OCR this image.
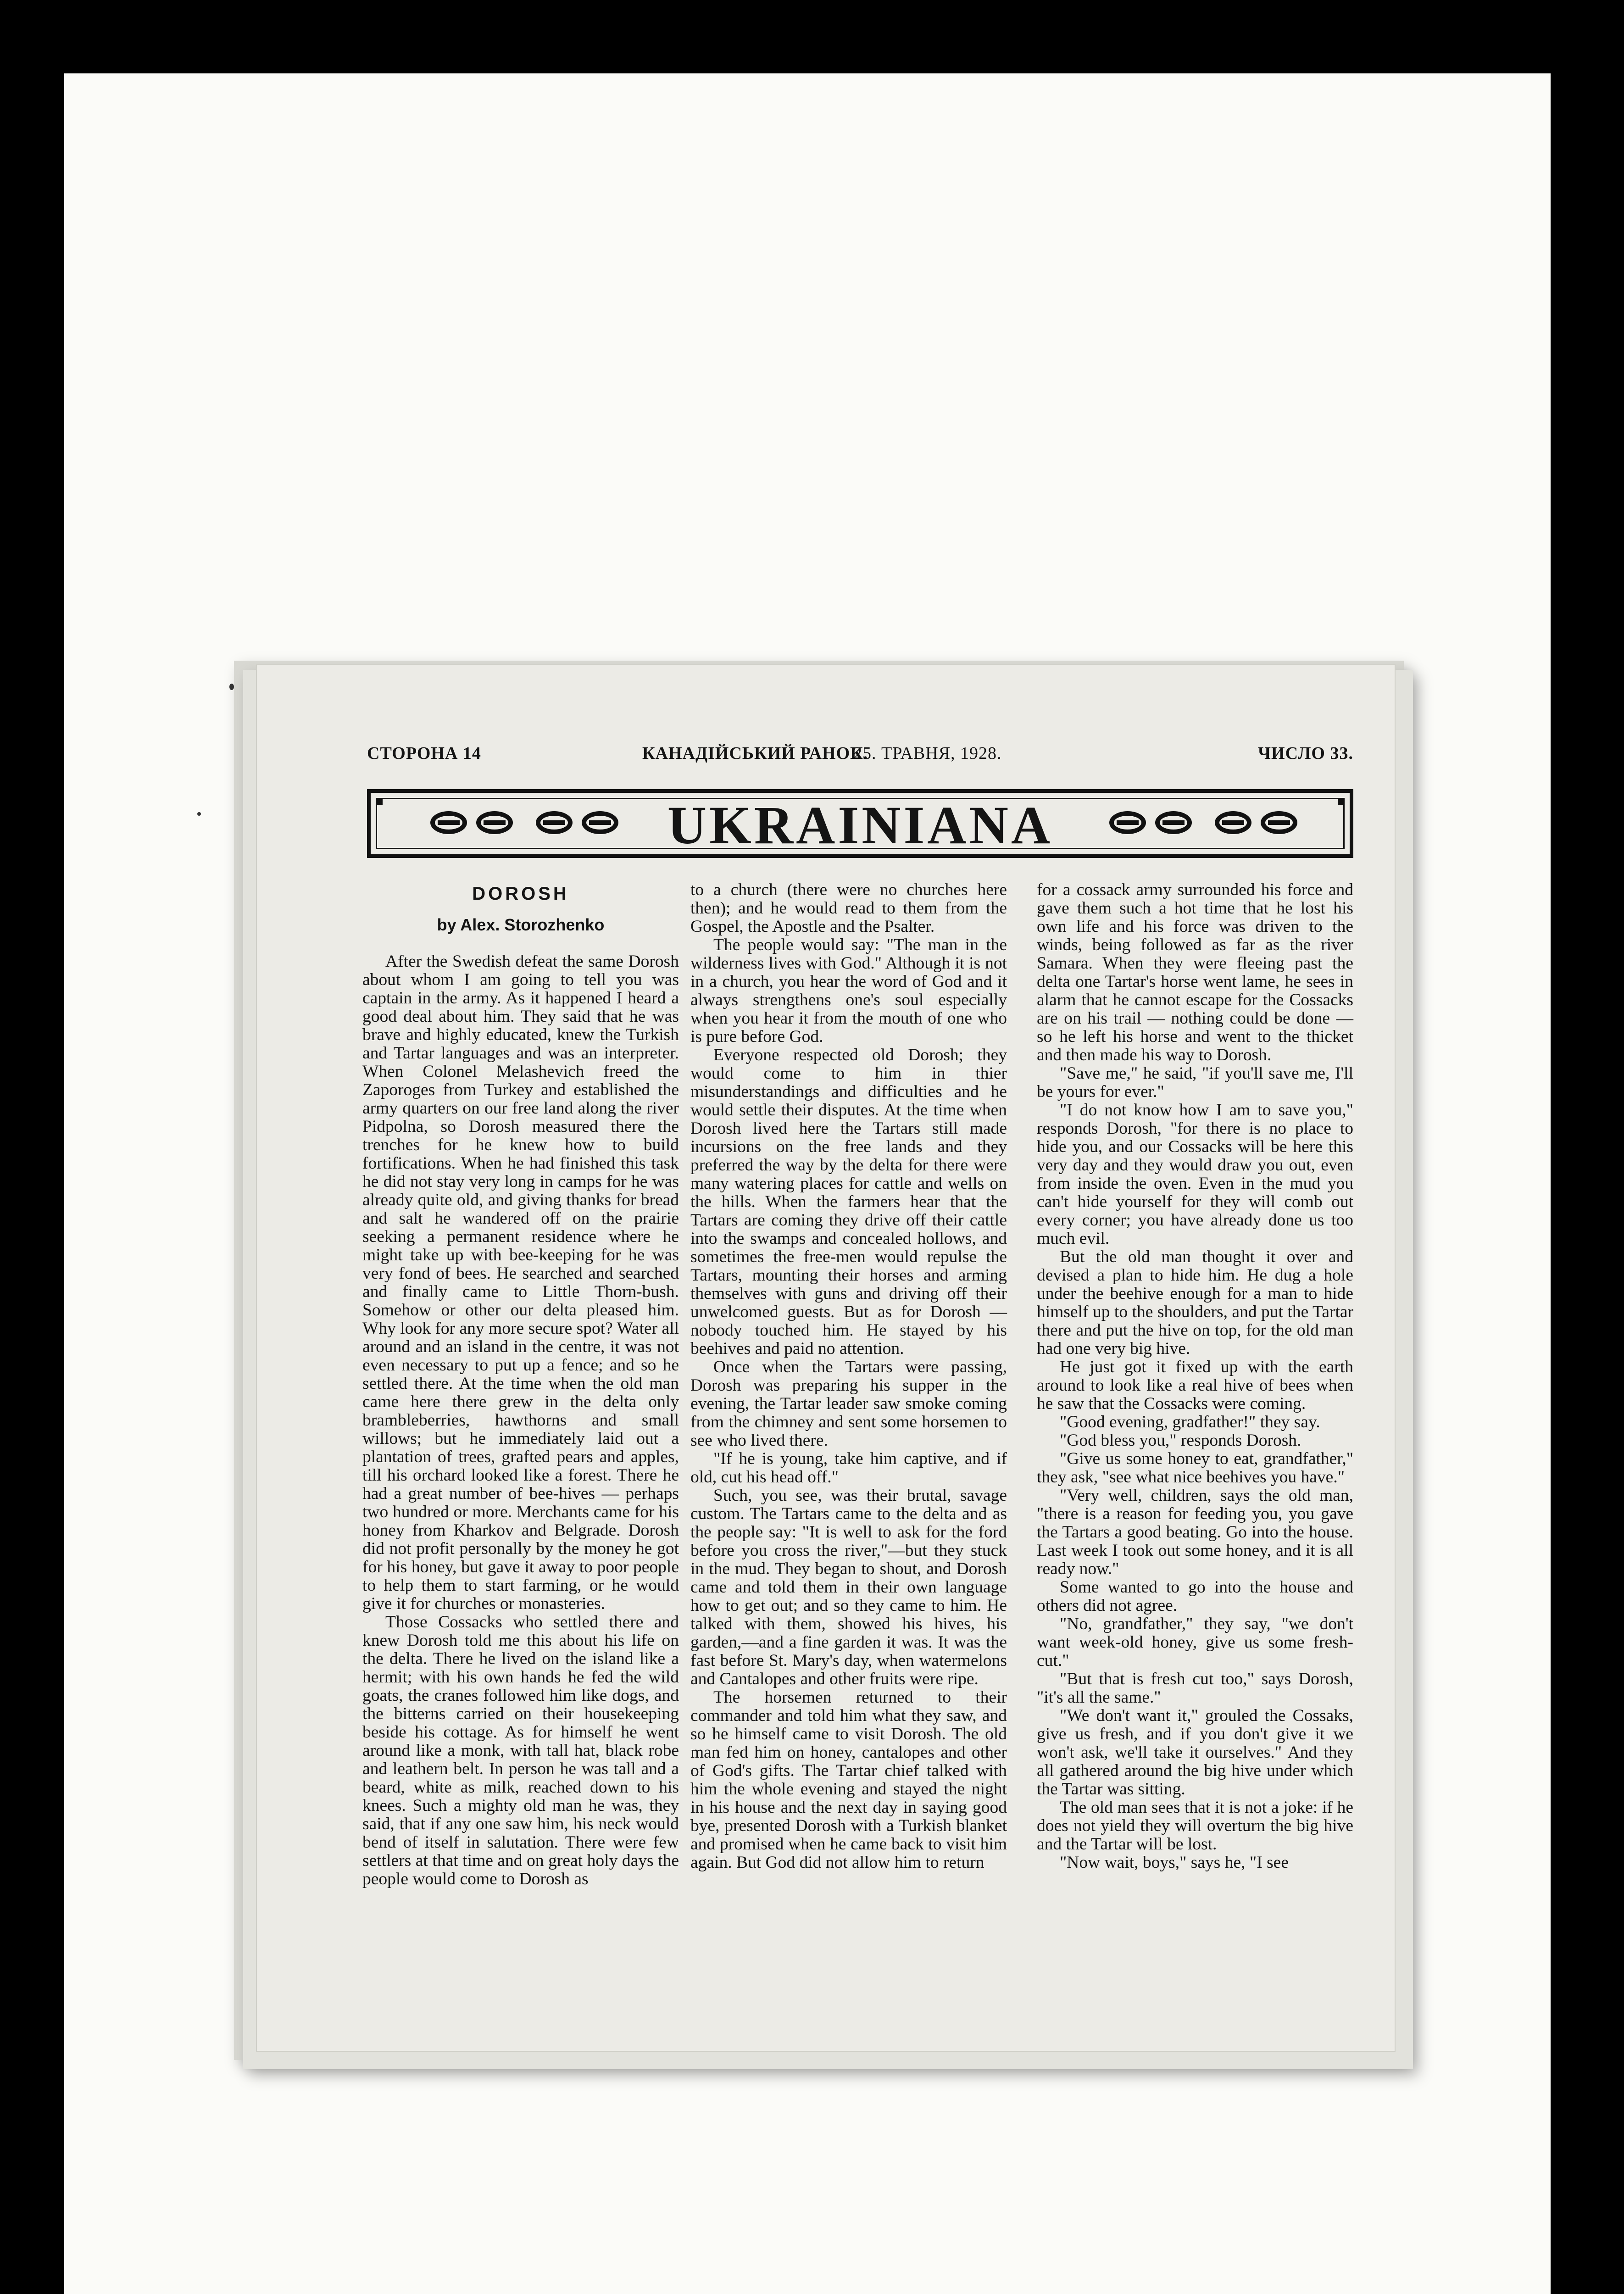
СТОРОНА 14	КАНАДІЙСЬКИЙ РАНОК.
25. ТРАВНЯ, 1928.	ЧИСЛО 33.
UKRAINIANA
DOROSH
by Alex. Storozhenko

After the Swedish defeat the same Dorosh about whom I am going to tell you was captain in the army. As it happened I heard a good deal about him. They said that he was brave and highly educated, knew the Turkish and Tartar languages and was an interpreter. When Colonel Melashevich freed the Zaporoges from Turkey and established the army quarters on our free land along the river Pidpolna, so Dorosh measured there the trenches for he knew how to build fortifications. When he had finished this task he did not stay very long in camps for he was already quite old, and giving thanks for bread and salt he wandered off on the prairie seeking a permanent residence where he might take up with bee-keeping for he was very fond of bees. He searched and searched and finally came to Little Thorn-bush. Somehow or other our delta pleased him. Why look for any more secure spot? Water all around and an island in the centre, it was not even necessary to put up a fence; and so he settled there. At the time when the old man came here there grew in the delta only brambleberries, hawthorns and small willows; but he immediately laid out a plantation of trees, grafted pears and apples, till his orchard looked like a forest. There he had a great number of bee-hives — perhaps two hundred or more. Merchants came for his honey from Kharkov and Belgrade. Dorosh did not profit personally by the money he got for his honey, but gave it away to poor people to help them to start farming, or he would give it for churches or monasteries.

Those Cossacks who settled there and knew Dorosh told me this about his life on the delta. There he lived on the island like a hermit; with his own hands he fed the wild goats, the cranes followed him like dogs, and the bitterns carried on their housekeeping beside his cottage. As for himself he went around like a monk, with tall hat, black robe and leathern belt. In person he was tall and a beard, white as milk, reached down to his knees. Such a mighty old man he was, they said, that if any one saw him, his neck would bend of itself in salutation. There were few settlers at that time and on great holy days the people would come to Dorosh as

to a church (there were no churches here then); and he would read to them from the Gospel, the Apostle and the Psalter.

The people would say: "The man in the wilderness lives with God." Although it is not in a church, you hear the word of God and it always strengthens one's soul especially when you hear it from the mouth of one who is pure before God.

Everyone respected old Dorosh; they would come to him in thier misunderstandings and difficulties and he would settle their disputes. At the time when Dorosh lived here the Tartars still made incursions on the free lands and they preferred the way by the delta for there were many watering places for cattle and wells on the hills. When the farmers hear that the Tartars are coming they drive off their cattle into the swamps and concealed hollows, and sometimes the free-men would repulse the Tartars, mounting their horses and arming themselves with guns and driving off their unwelcomed guests. But as for Dorosh — nobody touched him. He stayed by his beehives and paid no attention.

Once when the Tartars were passing, Dorosh was preparing his supper in the evening, the Tartar leader saw smoke coming from the chimney and sent some horsemen to see who lived there.

"If he is young, take him captive, and if old, cut his head off."

Such, you see, was their brutal, savage custom. The Tartars came to the delta and as the people say: "It is well to ask for the ford before you cross the river,"—but they stuck in the mud. They began to shout, and Dorosh came and told them in their own language how to get out; and so they came to him. He talked with them, showed his hives, his garden,—and a fine garden it was. It was the fast before St. Mary's day, when watermelons and Cantalopes and other fruits were ripe.

The horsemen returned to their commander and told him what they saw, and so he himself came to visit Dorosh. The old man fed him on honey, cantalopes and other of God's gifts. The Tartar chief talked with him the whole evening and stayed the night in his house and the next day in saying good bye, presented Dorosh with a Turkish blanket and promised when he came back to visit him again. But God did not allow him to return

for a cossack army surrounded his force and gave them such a hot time that he lost his own life and his force was driven to the winds, being followed as far as the river Samara. When they were fleeing past the delta one Tartar's horse went lame, he sees in alarm that he cannot escape for the Cossacks are on his trail — nothing could be done — so he left his horse and went to the thicket and then made his way to Dorosh.

"Save me," he said, "if you'll save me, I'll be yours for ever."

"I do not know how I am to save you," responds Dorosh, "for there is no place to hide you, and our Cossacks will be here this very day and they would draw you out, even from inside the oven. Even in the mud you can't hide yourself for they will comb out every corner; you have already done us too much evil.

But the old man thought it over and devised a plan to hide him. He dug a hole under the beehive enough for a man to hide himself up to the shoulders, and put the Tartar there and put the hive on top, for the old man had one very big hive.

He just got it fixed up with the earth around to look like a real hive of bees when he saw that the Cossacks were coming.

"Good evening, gradfather!" they say.

"God bless you," responds Dorosh.

"Give us some honey to eat, grandfather," they ask, "see what nice beehives you have."

"Very well, children, says the old man, "there is a reason for feeding you, you gave the Tartars a good beating. Go into the house. Last week I took out some honey, and it is all ready now."

Some wanted to go into the house and others did not agree.

"No, grandfather," they say, "we don't want week-old honey, give us some fresh-cut."

"But that is fresh cut too," says Dorosh, "it's all the same."

"We don't want it," grouled the Cossaks, give us fresh, and if you don't give it we won't ask, we'll take it ourselves." And they all gathered around the big hive under which the Tartar was sitting.

The old man sees that it is not a joke: if he does not yield they will overturn the big hive and the Tartar will be lost.

"Now wait, boys," says he, "I see
